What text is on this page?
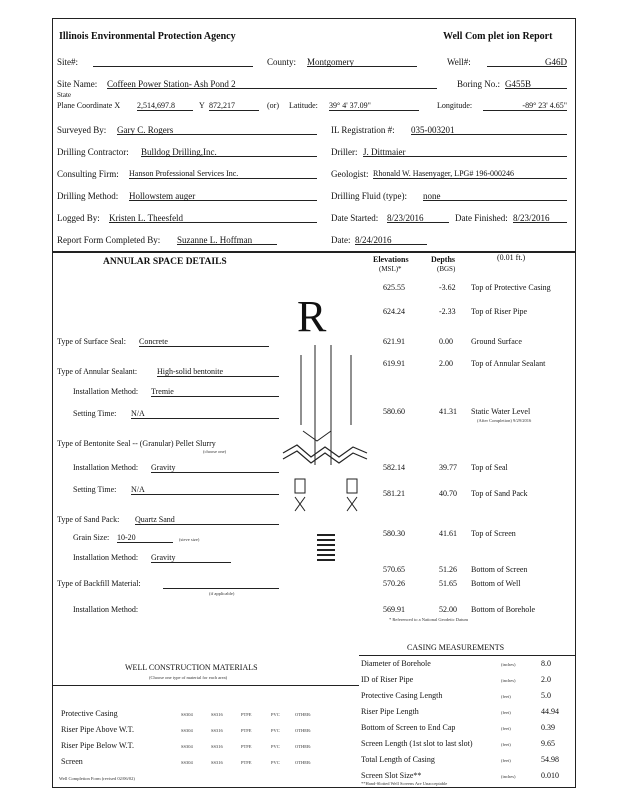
Illinois Environmental Protection Agency	Well Com plet ion Report
Site#:	County: Montgomery	Well#:	G46D
Site Name: Coffeen Power Station- Ash Pond 2	Boring No.: G455B
State
Plane Coordinate X 2,514,697.8	Y 872,217	(or) Latitude: 39° 4' 37.09"	Longitude:	-89° 23' 4.65"
Surveyed By: Gary C. Rogers	IL Registration #: 035-003201
Drilling Contractor: Bulldog Drilling,Inc.	Driller: J. Dittmaier
Consulting Firm: Hanson Professional Services Inc.	Geologist: Rhonald W. Hasenyager, LPG# 196-000246
Drilling Method: Hollowstem auger	Drilling Fluid (type): none
Logged By: Kristen L. Theesfeld	Date Started: 8/23/2016	Date Finished: 8/23/2016
Report Form Completed By: Suzanne L. Hoffman	Date: 8/24/2016
ANNULAR SPACE DETAILS	Elevations
(MSL)*
Depths
(BGS)
(0.01 ft.)
R
625.55	-3.62 Top of Protective Casing
624.24	-2.33 Top of Riser Pipe
621.91	0.00 Ground Surface
619.91	2.00 Top of Annular Sealant
580.60	41.31 Static Water Level
(After Completion) 9/29/2016
582.14	39.77 Top of Seal
581.21	40.70 Top of Sand Pack
580.30	41.61 Top of Screen
570.65	51.26 Bottom of Screen
570.26	51.65 Bottom of Well
569.91	52.00 Bottom of Borehole
* Referenced to a National Geodetic Datum
Type of Surface Seal: Concrete
Type of Annular Sealant: High-solid bentonite
Installation Method: Tremie
Setting Time: N/A
Type of Bentonite Seal -- (Granular) Pellet Slurry
(choose one)
Installation Method: Gravity
Setting Time: N/A
Type of Sand Pack: Quartz Sand
Grain Size: 10-20	(sieve size)
Installation Method: Gravity
Type of Backfill Material:
(if applicable)
Installation Method:
CASING MEASUREMENTS
Diameter of Borehole	(inches)	8.0
ID of Riser Pipe	(inches)	2.0
Protective Casing Length	(feet)	5.0
Riser Pipe Length	(feet)	44.94
Bottom of Screen to End Cap	(feet)	0.39
Screen Length (1st slot to last slot)	(feet)	9.65
Total Length of Casing	(feet)	54.98
Screen Slot Size**	(inches)	0.010
**Hand-Slotted Well Screens Are Unacceptable
WELL CONSTRUCTION MATERIALS
(Choose one type of material for each area)
Protective Casing
Riser Pipe Above W.T.
Riser Pipe Below W.T.
Screen
SS304	SS316	PTFE	PVC	OTHER:
SS304	SS316	PTFE	PVC	OTHER:
SS304	SS316	PTFE	PVC	OTHER:
SS304	SS316	PTFE	PVC	OTHER:
Well Completion Form (revised 02/06/02)
